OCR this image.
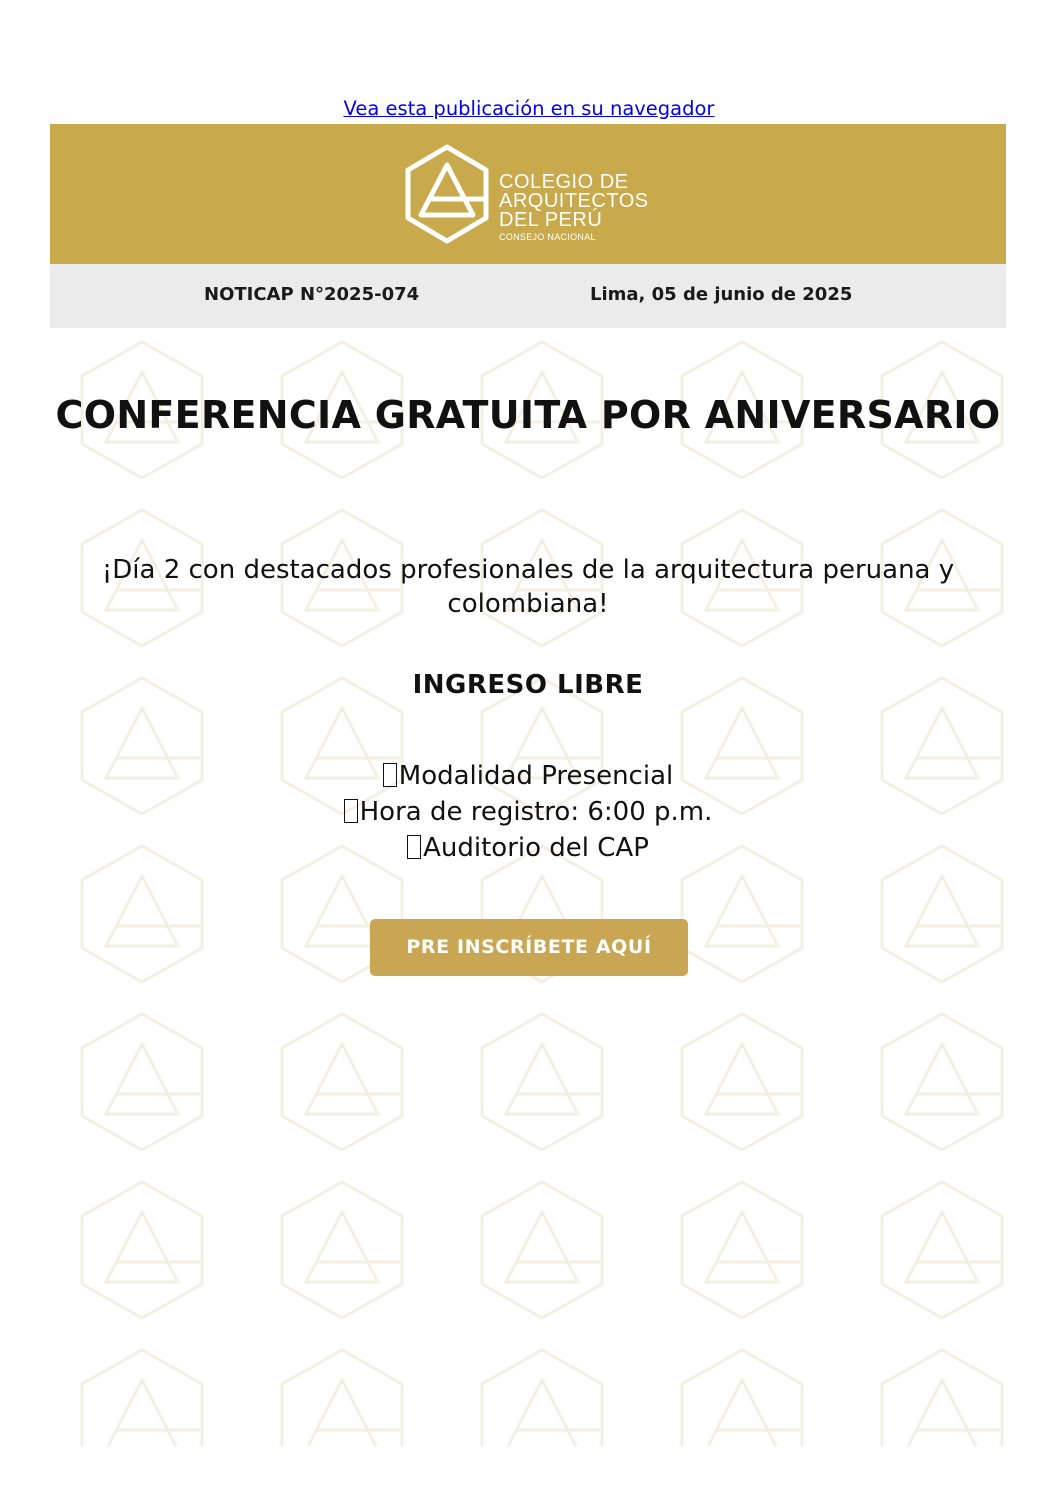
Vea esta publicación en su navegador
COLEGIO DE
ARQUITECTOS
DEL PERÚ
CONSEJO NACIONAL
NOTICAP N°2025-074	Lima, 05 de junio de 2025
CONFERENCIA GRATUITA POR ANIVERSARIO
¡Día 2 con destacados profesionales de la arquitectura peruana y colombiana!
INGRESO LIBRE
Modalidad Presencial
Hora de registro: 6:00 p.m.
Auditorio del CAP
PRE INSCRÍBETE AQUÍ
